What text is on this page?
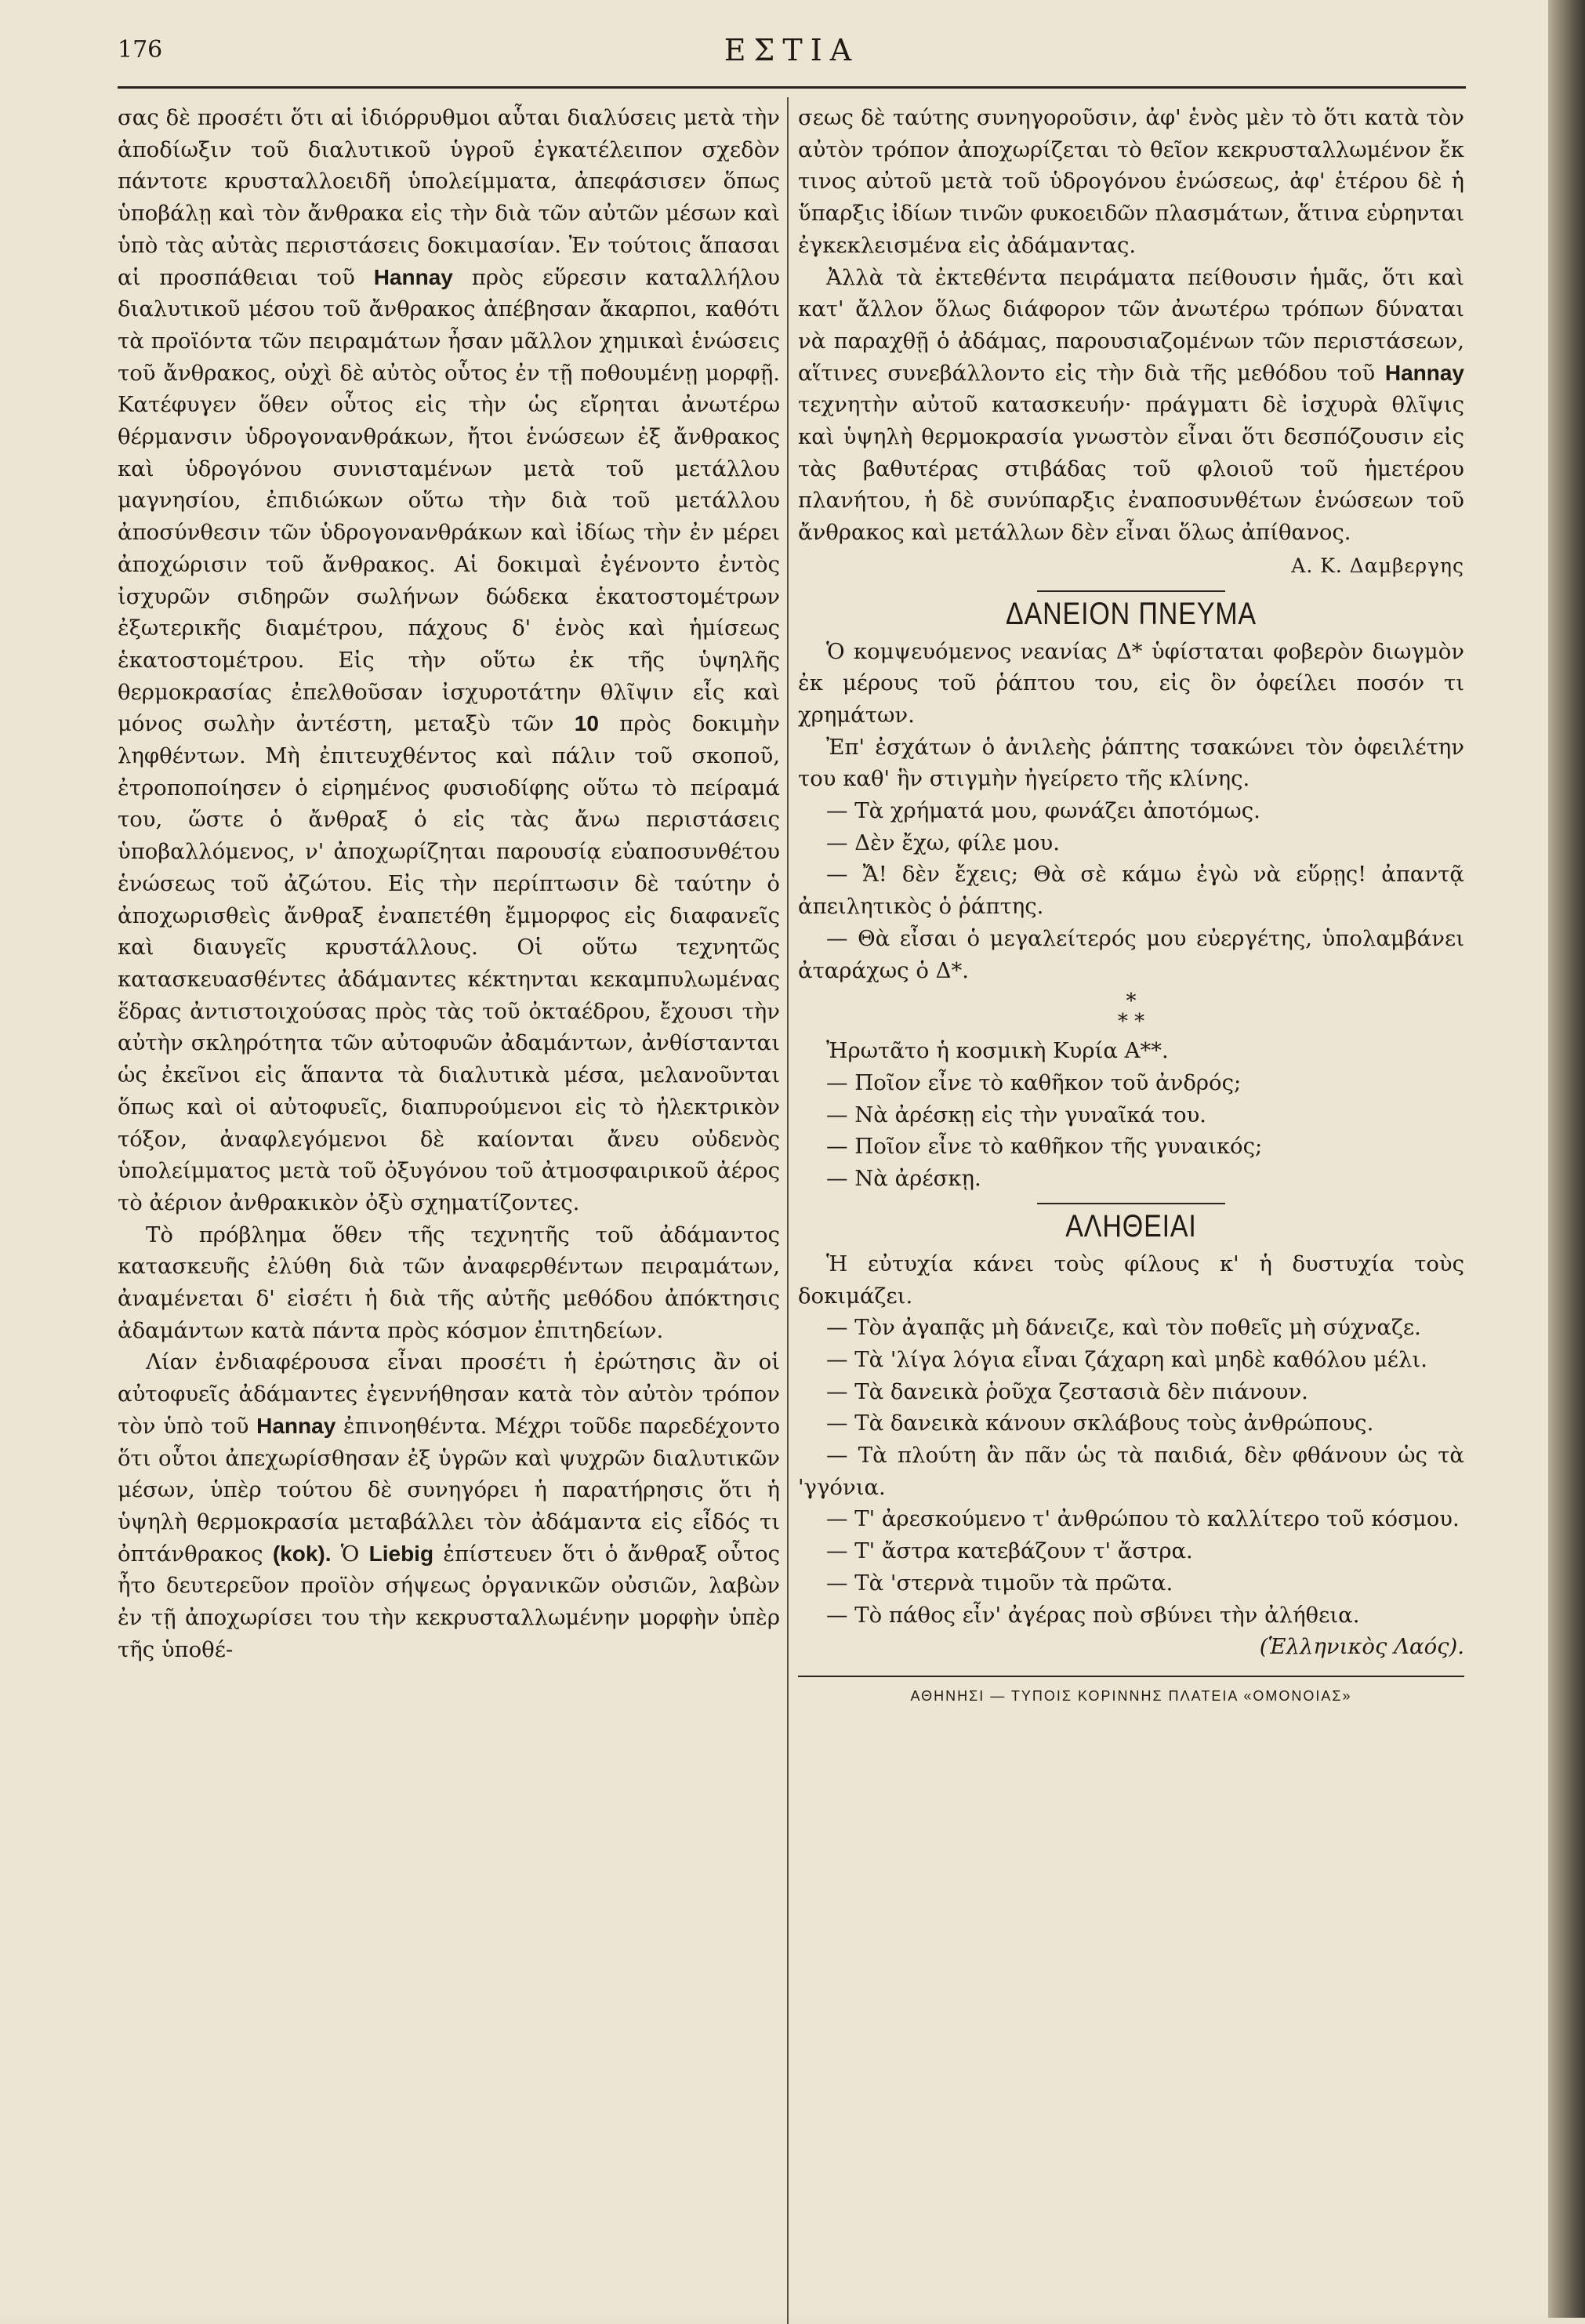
176	ΕΣΤΙΑ

σας δὲ προσέτι ὅτι αἱ ἰδιόρρυθμοι αὗται διαλύσεις μετὰ τὴν ἀποδίωξιν τοῦ διαλυτικοῦ ὑγροῦ ἐγκατέλειπον σχεδὸν πάντοτε κρυσταλλοειδῆ ὑπολείμματα, ἀπεφάσισεν ὅπως ὑποβάλῃ καὶ τὸν ἄνθρακα εἰς τὴν διὰ τῶν αὐτῶν μέσων καὶ ὑπὸ τὰς αὐτὰς περιστάσεις δοκιμασίαν. Ἐν τούτοις ἅπασαι αἱ προσπάθειαι τοῦ Hannay πρὸς εὕρεσιν καταλλήλου διαλυτικοῦ μέσου τοῦ ἄνθρακος ἀπέβησαν ἄκαρποι, καθότι τὰ προϊόντα τῶν πειραμάτων ἦσαν μᾶλλον χημικαὶ ἑνώσεις τοῦ ἄνθρακος, οὐχὶ δὲ αὐτὸς οὗτος ἐν τῇ ποθουμένῃ μορφῇ. Κατέφυγεν ὅθεν οὗτος εἰς τὴν ὡς εἴρηται ἀνωτέρω θέρμανσιν ὑδρογονανθράκων, ἤτοι ἑνώσεων ἐξ ἄνθρακος καὶ ὑδρογόνου συνισταμένων μετὰ τοῦ μετάλλου μαγνησίου, ἐπιδιώκων οὕτω τὴν διὰ τοῦ μετάλλου ἀποσύνθεσιν τῶν ὑδρογονανθράκων καὶ ἰδίως τὴν ἐν μέρει ἀποχώρισιν τοῦ ἄνθρακος. Αἱ δοκιμαὶ ἐγένοντο ἐντὸς ἰσχυρῶν σιδηρῶν σωλήνων δώδεκα ἑκατοστομέτρων ἐξωτερικῆς διαμέτρου, πάχους δ' ἑνὸς καὶ ἡμίσεως ἑκατοστομέτρου. Εἰς τὴν οὕτω ἐκ τῆς ὑψηλῆς θερμοκρασίας ἐπελθοῦσαν ἰσχυροτάτην θλῖψιν εἷς καὶ μόνος σωλὴν ἀντέστη, μεταξὺ τῶν 10 πρὸς δοκιμὴν ληφθέντων. Μὴ ἐπιτευχθέντος καὶ πάλιν τοῦ σκοποῦ, ἐτροποποίησεν ὁ εἰρημένος φυσιοδίφης οὕτω τὸ πείραμά του, ὥστε ὁ ἄνθραξ ὁ εἰς τὰς ἄνω περιστάσεις ὑποβαλλόμενος, ν' ἀποχωρίζηται παρουσίᾳ εὐαποσυνθέτου ἑνώσεως τοῦ ἀζώτου. Εἰς τὴν περίπτωσιν δὲ ταύτην ὁ ἀποχωρισθεὶς ἄνθραξ ἐναπετέθη ἔμμορφος εἰς διαφανεῖς καὶ διαυγεῖς κρυστάλλους. Οἱ οὕτω τεχνητῶς κατασκευασθέντες ἀδάμαντες κέκτηνται κεκαμπυλωμένας ἕδρας ἀντιστοιχούσας πρὸς τὰς τοῦ ὀκταέδρου, ἔχουσι τὴν αὐτὴν σκληρότητα τῶν αὐτοφυῶν ἀδαμάντων, ἀνθίστανται ὡς ἐκεῖνοι εἰς ἅπαντα τὰ διαλυτικὰ μέσα, μελανοῦνται ὅπως καὶ οἱ αὐτοφυεῖς, διαπυρούμενοι εἰς τὸ ἠλεκτρικὸν τόξον, ἀναφλεγόμενοι δὲ καίονται ἄνευ οὐδενὸς ὑπολείμματος μετὰ τοῦ ὀξυγόνου τοῦ ἀτμοσφαιρικοῦ ἀέρος τὸ ἀέριον ἀνθρακικὸν ὀξὺ σχηματίζοντες.

Τὸ πρόβλημα ὅθεν τῆς τεχνητῆς τοῦ ἀδάμαντος κατασκευῆς ἐλύθη διὰ τῶν ἀναφερθέντων πειραμάτων, ἀναμένεται δ' εἰσέτι ἡ διὰ τῆς αὐτῆς μεθόδου ἀπόκτησις ἀδαμάντων κατὰ πάντα πρὸς κόσμον ἐπιτηδείων.

Λίαν ἐνδιαφέρουσα εἶναι προσέτι ἡ ἐρώτησις ἂν οἱ αὐτοφυεῖς ἀδάμαντες ἐγεννήθησαν κατὰ τὸν αὐτὸν τρόπον τὸν ὑπὸ τοῦ Hannay ἐπινοηθέντα. Μέχρι τοῦδε παρεδέχοντο ὅτι οὗτοι ἀπεχωρίσθησαν ἐξ ὑγρῶν καὶ ψυχρῶν διαλυτικῶν μέσων, ὑπὲρ τούτου δὲ συνηγόρει ἡ παρατήρησις ὅτι ἡ ὑψηλὴ θερμοκρασία μεταβάλλει τὸν ἀδάμαντα εἰς εἶδός τι ὀπτάνθρακος (kok). Ὁ Liebig ἐπίστευεν ὅτι ὁ ἄνθραξ οὗτος ἦτο δευτερεῦον προϊὸν σήψεως ὀργανικῶν οὐσιῶν, λαβὼν ἐν τῇ ἀποχωρίσει του τὴν κεκρυσταλλωμένην μορφὴν ὑπὲρ τῆς ὑποθέ-

σεως δὲ ταύτης συνηγοροῦσιν, ἀφ' ἑνὸς μὲν τὸ ὅτι κατὰ τὸν αὐτὸν τρόπον ἀποχωρίζεται τὸ θεῖον κεκρυσταλλωμένον ἔκ τινος αὐτοῦ μετὰ τοῦ ὑδρογόνου ἑνώσεως, ἀφ' ἑτέρου δὲ ἡ ὕπαρξις ἰδίων τινῶν φυκοειδῶν πλασμάτων, ἅτινα εὑρηνται ἐγκεκλεισμένα εἰς ἀδάμαντας.

Ἀλλὰ τὰ ἐκτεθέντα πειράματα πείθουσιν ἡμᾶς, ὅτι καὶ κατ' ἄλλον ὅλως διάφορον τῶν ἀνωτέρω τρόπων δύναται νὰ παραχθῇ ὁ ἀδάμας, παρουσιαζομένων τῶν περιστάσεων, αἵτινες συνεβάλλοντο εἰς τὴν διὰ τῆς μεθόδου τοῦ Hannay τεχνητὴν αὐτοῦ κατασκευήν· πράγματι δὲ ἰσχυρὰ θλῖψις καὶ ὑψηλὴ θερμοκρασία γνωστὸν εἶναι ὅτι δεσπόζουσιν εἰς τὰς βαθυτέρας στιβάδας τοῦ φλοιοῦ τοῦ ἡμετέρου πλανήτου, ἡ δὲ συνύπαρξις ἐναποσυνθέτων ἑνώσεων τοῦ ἄνθρακος καὶ μετάλλων δὲν εἶναι ὅλως ἀπίθανος.

Α. Κ. Δαμβεργης
ΔΑΝΕΙΟΝ ΠΝΕΥΜΑ

Ὁ κομψευόμενος νεανίας Δ* ὑφίσταται φοβερὸν διωγμὸν ἐκ μέρους τοῦ ῥάπτου του, εἰς ὃν ὀφείλει ποσόν τι χρημάτων.

Ἐπ' ἐσχάτων ὁ ἀνιλεὴς ῥάπτης τσακώνει τὸν ὀφειλέτην του καθ' ἣν στιγμὴν ἠγείρετο τῆς κλίνης.

— Τὰ χρήματά μου, φωνάζει ἀποτόμως.

— Δὲν ἔχω, φίλε μου.

— Ἄ! δὲν ἔχεις; Θὰ σὲ κάμω ἐγὼ νὰ εὕρῃς! ἀπαντᾷ ἀπειλητικὸς ὁ ῥάπτης.

— Θὰ εἶσαι ὁ μεγαλείτερός μου εὐεργέτης, ὑπολαμβάνει ἀταράχως ὁ Δ*.

*
* *

Ἠρωτᾶτο ἡ κοσμικὴ Κυρία Α**.

— Ποῖον εἶνε τὸ καθῆκον τοῦ ἀνδρός;

— Νὰ ἀρέσκῃ εἰς τὴν γυναῖκά του.

— Ποῖον εἶνε τὸ καθῆκον τῆς γυναικός;

— Νὰ ἀρέσκῃ.

ΑΛΗΘΕΙΑΙ

Ἡ εὐτυχία κάνει τοὺς φίλους κ' ἡ δυστυχία τοὺς δοκιμάζει.

— Τὸν ἀγαπᾷς μὴ δάνειζε, καὶ τὸν ποθεῖς μὴ σύχναζε.

— Τὰ 'λίγα λόγια εἶναι ζάχαρη καὶ μηδὲ καθόλου μέλι.

— Τὰ δανεικὰ ῥοῦχα ζεστασιὰ δὲν πιάνουν.

— Τὰ δανεικὰ κάνουν σκλάβους τοὺς ἀνθρώπους.

— Τὰ πλούτη ἂν πᾶν ὡς τὰ παιδιά, δὲν φθάνουν ὡς τὰ 'γγόνια.

— Τ' ἀρεσκούμενο τ' ἀνθρώπου τὸ καλλίτερο τοῦ κόσμου.

— Τ' ἄστρα κατεβάζουν τ' ἄστρα.

— Τὰ 'στερνὰ τιμοῦν τὰ πρῶτα.

— Τὸ πάθος εἶν' ἀγέρας ποὺ σβύνει τὴν ἀλήθεια.

(Ἑλληνικὸς Λαός).
ΑΘΗΝΗΣΙ — ΤΥΠΟΙΣ ΚΟΡΙΝΝΗΣ ΠΛΑΤΕΙΑ «ΟΜΟΝΟΙΑΣ»
